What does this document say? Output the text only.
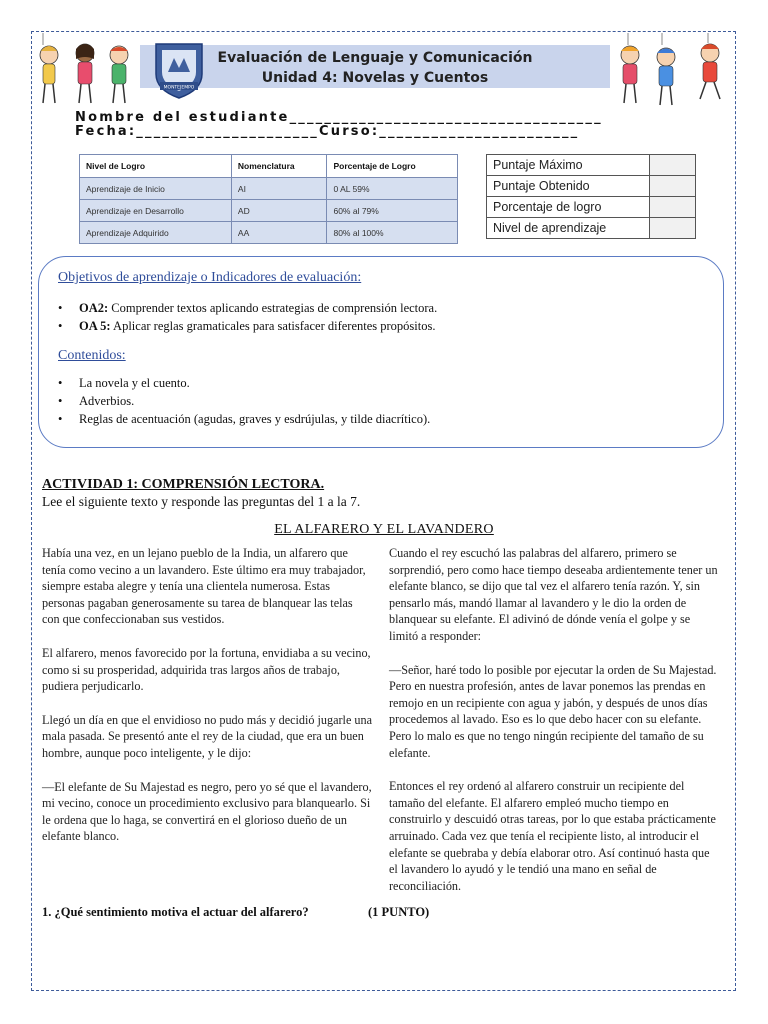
MONTEJEMPO
Evaluación de Lenguaje y Comunicación
Unidad 4: Novelas y Cuentos
Nombre del estudiante____________________________________
Fecha:_____________________Curso:_______________________
Nivel de Logro	Nomenclatura	Porcentaje de Logro
Aprendizaje de Inicio	AI	0 AL 59%
Aprendizaje en Desarrollo	AD	60% al 79%
Aprendizaje Adquirido	AA	80% al 100%
Puntaje Máximo	
Puntaje Obtenido	
Porcentaje de logro	
Nivel de aprendizaje	
Objetivos de aprendizaje o Indicadores de evaluación:
• OA2: Comprender textos aplicando estrategias de comprensión lectora.
• OA 5: Aplicar reglas gramaticales para satisfacer diferentes propósitos.
Contenidos:
• La novela y el cuento.
• Adverbios.
• Reglas de acentuación (agudas, graves y esdrújulas, y tilde diacrítico).
ACTIVIDAD 1: COMPRENSIÓN LECTORA.
Lee el siguiente texto y responde las preguntas del 1 a la 7.
EL ALFARERO Y EL LAVANDERO

Había una vez, en un lejano pueblo de la India, un alfarero que tenía como vecino a un lavandero. Este último era muy trabajador, siempre estaba alegre y tenía una clientela numerosa. Estas personas pagaban generosamente su tarea de blanquear las telas con que confeccionaban sus vestidos.

El alfarero, menos favorecido por la fortuna, envidiaba a su vecino, como si su prosperidad, adquirida tras largos años de trabajo, pudiera perjudicarlo.

Llegó un día en que el envidioso no pudo más y decidió jugarle una mala pasada. Se presentó ante el rey de la ciudad, que era un buen hombre, aunque poco inteligente, y le dijo:

—El elefante de Su Majestad es negro, pero yo sé que el lavandero, mi vecino, conoce un procedimiento exclusivo para blanquearlo. Si le ordena que lo haga, se convertirá en el glorioso dueño de un elefante blanco.

Cuando el rey escuchó las palabras del alfarero, primero se sorprendió, pero como hace tiempo deseaba ardientemente tener un elefante blanco, se dijo que tal vez el alfarero tenía razón. Y, sin pensarlo más, mandó llamar al lavandero y le dio la orden de blanquear su elefante. El adivinó de dónde venía el golpe y se limitó a responder:

—Señor, haré todo lo posible por ejecutar la orden de Su Majestad. Pero en nuestra profesión, antes de lavar ponemos las prendas en remojo en un recipiente con agua y jabón, y después de unos días procedemos al lavado. Eso es lo que debo hacer con su elefante. Pero lo malo es que no tengo ningún recipiente del tamaño de su elefante.

Entonces el rey ordenó al alfarero construir un recipiente del tamaño del elefante. El alfarero empleó mucho tiempo en construirlo y descuidó otras tareas, por lo que estaba prácticamente arruinado. Cada vez que tenía el recipiente listo, al introducir el elefante se quebraba y debía elaborar otro. Así continuó hasta que el lavandero lo ayudó y le tendió una mano en señal de reconciliación.

1. ¿Qué sentimiento motiva el actuar del alfarero?	(1 PUNTO)
